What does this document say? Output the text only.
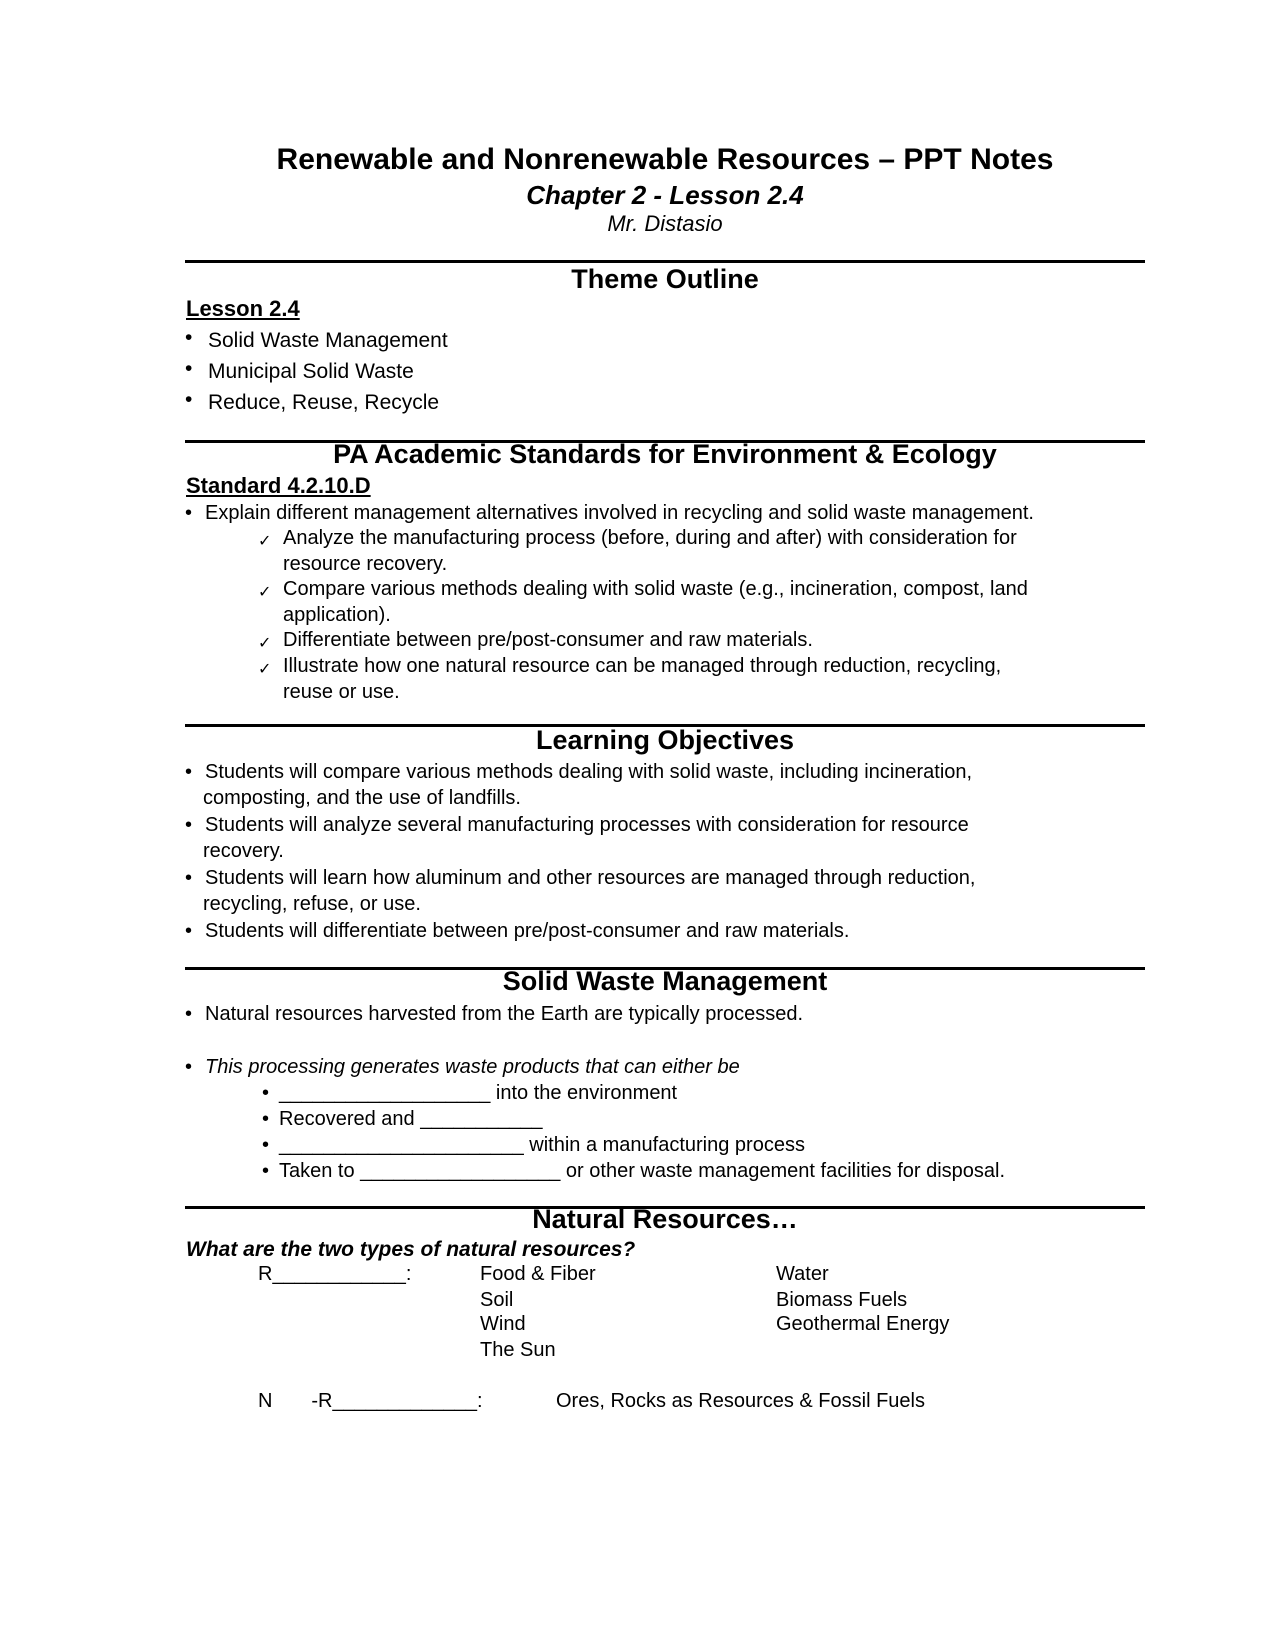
Renewable and Nonrenewable Resources – PPT Notes
Chapter 2 - Lesson 2.4
Mr. Distasio
Theme Outline
Lesson 2.4
• Solid Waste Management
• Municipal Solid Waste
• Reduce, Reuse, Recycle
PA Academic Standards for Environment & Ecology
Standard 4.2.10.D
• Explain different management alternatives involved in recycling and solid waste management.
✓ Analyze the manufacturing process (before, during and after) with consideration for
resource recovery.
✓ Compare various methods dealing with solid waste (e.g., incineration, compost, land
application).
✓ Differentiate between pre/post-consumer and raw materials.
✓ Illustrate how one natural resource can be managed through reduction, recycling,
reuse or use.
Learning Objectives
• Students will compare various methods dealing with solid waste, including incineration,
composting, and the use of landfills.
• Students will analyze several manufacturing processes with consideration for resource
recovery.
• Students will learn how aluminum and other resources are managed through reduction,
recycling, refuse, or use.
• Students will differentiate between pre/post-consumer and raw materials.
Solid Waste Management
• Natural resources harvested from the Earth are typically processed.
• This processing generates waste products that can either be
• ___________________ into the environment
• Recovered and ___________
• ______________________ within a manufacturing process
• Taken to __________________ or other waste management facilities for disposal.
Natural Resources…
What are the two types of natural resources?
R____________:	Food & Fiber
Soil
Wind
The Sun
Water
Biomass Fuels
Geothermal Energy
N       -R_____________:	Ores, Rocks as Resources & Fossil Fuels
